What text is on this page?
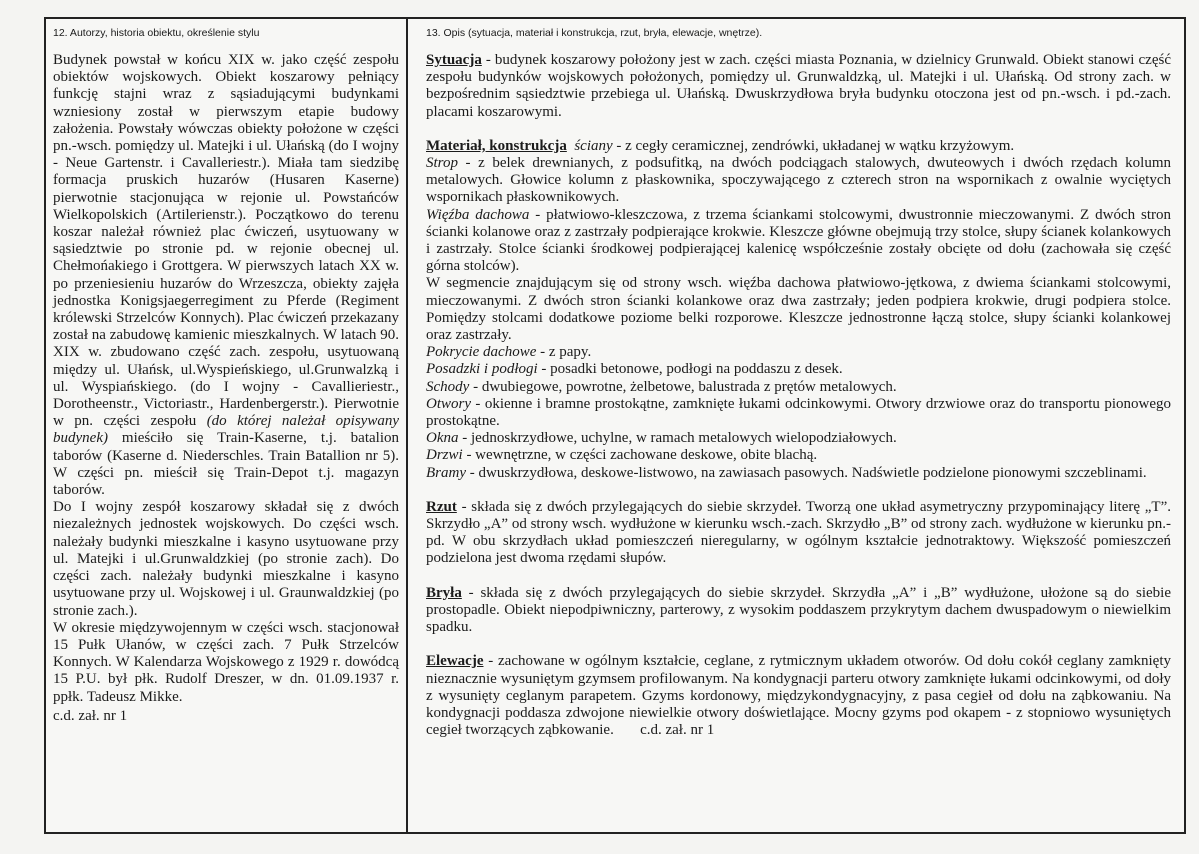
12. Autorzy, historia obiektu, określenie stylu

Budynek powstał w końcu XIX w. jako część zespołu obiektów wojskowych. Obiekt koszarowy pełniący funkcję stajni wraz z sąsiadującymi budynkami wzniesiony został w pierwszym etapie budowy założenia. Powstały wówczas obiekty położone w części pn.-wsch. pomiędzy ul. Matejki i ul. Ułańską (do I wojny - Neue Gartenstr. i Cavalleriestr.). Miała tam siedzibę formacja pruskich huzarów (Husaren Kaserne) pierwotnie stacjonująca w rejonie ul. Powstańców Wielkopolskich (Artilerienstr.). Początkowo do terenu koszar należał również plac ćwiczeń, usytuowany w sąsiedztwie po stronie pd. w rejonie obecnej ul. Chełmońakiego i Grottgera. W pierwszych latach XX w. po przeniesieniu huzarów do Wrzeszcza, obiekty zajęła jednostka Konigsjaegerregiment zu Pferde (Regiment królewski Strzelców Konnych). Plac ćwiczeń przekazany został na zabudowę kamienic mieszkalnych. W latach 90. XIX w. zbudowano część zach. zespołu, usytuowaną między ul. Ułańsk, ul.Wyspieńskiego, ul.Grunwalzką i ul. Wyspiańskiego. (do I wojny - Cavallieriestr., Dorotheenstr., Victoriastr., Hardenbergerstr.). Pierwotnie w pn. części zespołu (do której należał opisywany budynek) mieściło się Train-Kaserne, t.j. batalion taborów (Kaserne d. Niederschles. Train Batallion nr 5). W części pn. mieścił się Train-Depot t.j. magazyn taborów.

Do I wojny zespół koszarowy składał się z dwóch niezależnych jednostek wojskowych. Do części wsch. należały budynki mieszkalne i kasyno usytuowane przy ul. Matejki i ul.Grunwaldzkiej (po stronie zach). Do części zach. należały budynki mieszkalne i kasyno usytuowane przy ul. Wojskowej i ul. Graunwaldzkiej (po stronie zach.).

W okresie międzywojennym w części wsch. stacjonował 15 Pułk Ułanów, w części zach. 7 Pułk Strzelców Konnych. W Kalendarza Wojskowego z 1929 r. dowódcą 15 P.U. był płk. Rudolf Dreszer, w dn. 01.09.1937 r. ppłk. Tadeusz Mikke.

c.d. zał. nr 1

13. Opis (sytuacja, materiał i konstrukcja, rzut, bryła, elewacje, wnętrze).

Sytuacja - budynek koszarowy położony jest w zach. części miasta Poznania, w dzielnicy Grunwald. Obiekt stanowi część zespołu budynków wojskowych położonych, pomiędzy ul. Grunwaldzką, ul. Matejki i ul. Ułańską. Od strony zach. w bezpośrednim sąsiedztwie przebiega ul. Ułańską. Dwuskrzydłowa bryła budynku otoczona jest od pn.-wsch. i pd.-zach. placami koszarowymi.

Materiał, konstrukcja ściany - z cegły ceramicznej, zendrówki, układanej w wątku krzyżowym.

Strop - z belek drewnianych, z podsufitką, na dwóch podciągach stalowych, dwuteowych i dwóch rzędach kolumn metalowych. Głowice kolumn z płaskownika, spoczywającego z czterech stron na wspornikach z owalnie wyciętych wspornikach płaskownikowych.

Więźba dachowa - płatwiowo-kleszczowa, z trzema ściankami stolcowymi, dwustronnie mieczowanymi. Z dwóch stron ścianki kolanowe oraz z zastrzały podpierające krokwie. Kleszcze główne obejmują trzy stolce, słupy ścianek kolankowych i zastrzały. Stolce ścianki środkowej podpierającej kalenicę współcześnie zostały obcięte od dołu (zachowała się część górna stolców).

W segmencie znajdującym się od strony wsch. więźba dachowa płatwiowo-jętkowa, z dwiema ściankami stolcowymi, mieczowanymi. Z dwóch stron ścianki kolankowe oraz dwa zastrzały; jeden podpiera krokwie, drugi podpiera stolce. Pomiędzy stolcami dodatkowe poziome belki rozporowe. Kleszcze jednostronne łączą stolce, słupy ścianki kolankowej oraz zastrzały.

Pokrycie dachowe - z papy.

Posadzki i podłogi - posadki betonowe, podłogi na poddaszu z desek.

Schody - dwubiegowe, powrotne, żelbetowe, balustrada z prętów metalowych.

Otwory - okienne i bramne prostokątne, zamknięte łukami odcinkowymi. Otwory drzwiowe oraz do transportu pionowego prostokątne.

Okna - jednoskrzydłowe, uchylne, w ramach metalowych wielopodziałowych.

Drzwi - wewnętrzne, w części zachowane deskowe, obite blachą.

Bramy - dwuskrzydłowa, deskowe-listwowo, na zawiasach pasowych. Nadświetle podzielone pionowymi szczeblinami.

Rzut - składa się z dwóch przylegających do siebie skrzydeł. Tworzą one układ asymetryczny przypominający literę „T”. Skrzydło „A” od strony wsch. wydłużone w kierunku wsch.-zach. Skrzydło „B” od strony zach. wydłużone w kierunku pn.-pd. W obu skrzydłach układ pomieszczeń nieregularny, w ogólnym kształcie jednotraktowy. Większość pomieszczeń podzielona jest dwoma rzędami słupów.

Bryła - składa się z dwóch przylegających do siebie skrzydeł. Skrzydła „A” i „B” wydłużone, ułożone są do siebie prostopadle. Obiekt niepodpiwniczny, parterowy, z wysokim poddaszem przykrytym dachem dwuspadowym o niewielkim spadku.

Elewacje - zachowane w ogólnym kształcie, ceglane, z rytmicznym układem otworów. Od dołu cokół ceglany zamknięty nieznacznie wysuniętym gzymsem profilowanym. Na kondygnacji parteru otwory zamknięte łukami odcinkowymi, od doły z wysunięty ceglanym parapetem. Gzyms kordonowy, międzykondygnacyjny, z pasa cegieł od dołu na ząbkowaniu. Na kondygnacji poddasza zdwojone niewielkie otwory doświetlające. Mocny gzyms pod okapem - z stopniowo wysuniętych cegieł tworzących ząbkowanie. c.d. zał. nr 1
